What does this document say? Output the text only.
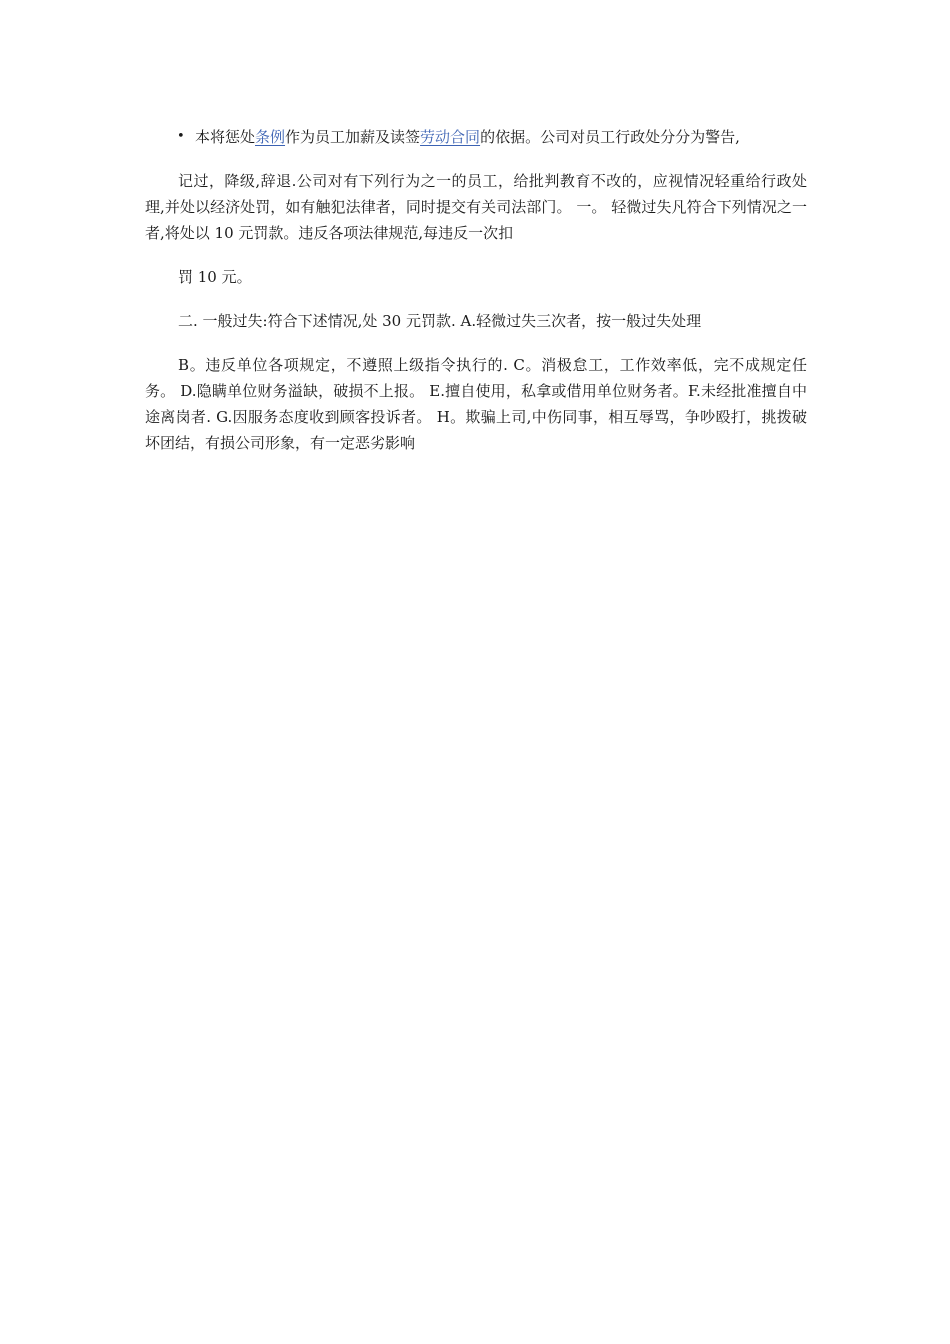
• 本将惩处条例作为员工加薪及读签劳动合同的依据。公司对员工行政处分分为警告,

记过，降级,辞退.公司对有下列行为之一的员工，给批判教育不改的，应视情况轻重给行政处理,并处以经济处罚，如有触犯法律者，同时提交有关司法部门。 一。 轻微过失凡符合下列情况之一者,将处以 10 元罚款。违反各项法律规范,每违反一次扣

罚 10 元。

二. 一般过失:符合下述情况,处 30 元罚款. A.轻微过失三次者，按一般过失处理

B。违反单位各项规定，不遵照上级指令执行的. C。消极怠工，工作效率低，完不成规定任务。 D.隐瞒单位财务溢缺，破损不上报。 E.擅自使用，私拿或借用单位财务者。F.未经批准擅自中途离岗者. G.因服务态度收到顾客投诉者。 H。欺骗上司,中伤同事，相互辱骂，争吵殴打，挑拨破坏团结，有损公司形象，有一定恶劣影响
